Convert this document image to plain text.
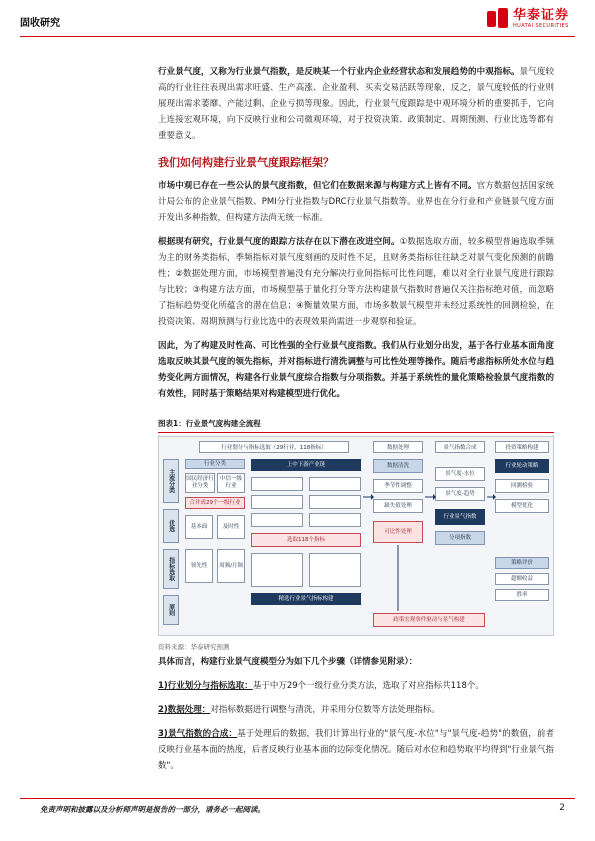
固收研究
华泰证券
HUATAI SECURITIES

行业景气度，又称为行业景气指数，是反映某一个行业内企业经营状态和发展趋势的中观指标。景气度较高的行业往往表现出需求旺盛、生产高涨、企业盈利、买卖交易活跃等现象，反之，景气度较低的行业则展现出需求萎靡、产能过剩、企业亏损等现象。因此，行业景气度跟踪是中观环境分析的重要抓手，它向上连接宏观环境，向下反映行业和公司微观环境，对于投资决策、政策制定、周期预测、行业比选等都有重要意义。

我们如何构建行业景气度跟踪框架？

市场中观已存在一些公认的景气度指数，但它们在数据来源与构建方式上皆有不同。官方数据包括国家统计局公布的企业景气指数、PMI分行业指数与DRC行业景气指数等。业界也在分行业和产业链景气度方面开发出多种指数，但构建方法尚无统一标准。

根据现有研究，行业景气度的跟踪方法存在以下潜在改进空间。①数据选取方面，较多模型普遍选取季频为主的财务类指标，季频指标对景气度刻画的及时性不足，且财务类指标往往缺乏对景气变化预测的前瞻性；②数据处理方面，市场模型普遍没有充分解决行业间指标可比性问题，难以对全行业景气度进行跟踪与比较；③构建方法方面，市场模型基于量化打分等方法构建景气指数时普遍仅关注指标绝对值，而忽略了指标趋势变化所蕴含的潜在信息；④衡量效果方面，市场多数景气模型并未经过系统性的回测检验，在投资决策、周期预测与行业比选中的表现效果尚需进一步观察和验证。

因此，为了构建及时性高、可比性强的全行业景气度指数。我们从行业划分出发，基于各行业基本面角度选取反映其景气度的领先指标，并对指标进行清洗调整与可比性处理等操作。随后考虑指标所处水位与趋势变化两方面情况，构建各行业景气度综合指数与分项指数。并基于系统性的量化策略检验景气度指数的有效性，同时基于策略结果对构建模型进行优化。

图表1：行业景气度构建全流程
行业划分与指标选取（29行业，118指标）	数据处理	景气指数合成	投资策略构建
主流分类
优选
指标选取
原则
行业分类
国民经济行业分类
中信一级行业
合并成29个一级行业
基本面	及时性
领先性	周频/月频
上中下游产业链
选取118个指标
数据清洗
季节性调整
缺失值处理
可比性处理
景气度-水位
景气度-趋势
行业景气指数
分项指数
行业轮动策略
回测检验
模型优化
策略评价
超额收益
胜率
精选行业景气指标构建
政策宏观事件驱动与景气构建
资料来源：华泰研究预测

具体而言，构建行业景气度模型分为如下几个步骤（详情参见附录）：

1)行业划分与指标选取：基于中万29个一级行业分类方法，选取了对应指标共118个。

2)数据处理：对指标数据进行调整与清洗，并采用分位数等方法处理指标。

3)景气指数的合成：基于处理后的数据，我们计算出行业的"景气度-水位"与"景气度-趋势"的数值，前者反映行业基本面的热度，后者反映行业基本面的边际变化情况。随后对水位和趋势取平均得到"行业景气指数"。

免责声明和披露以及分析师声明是报告的一部分，请务必一起阅读。	2
